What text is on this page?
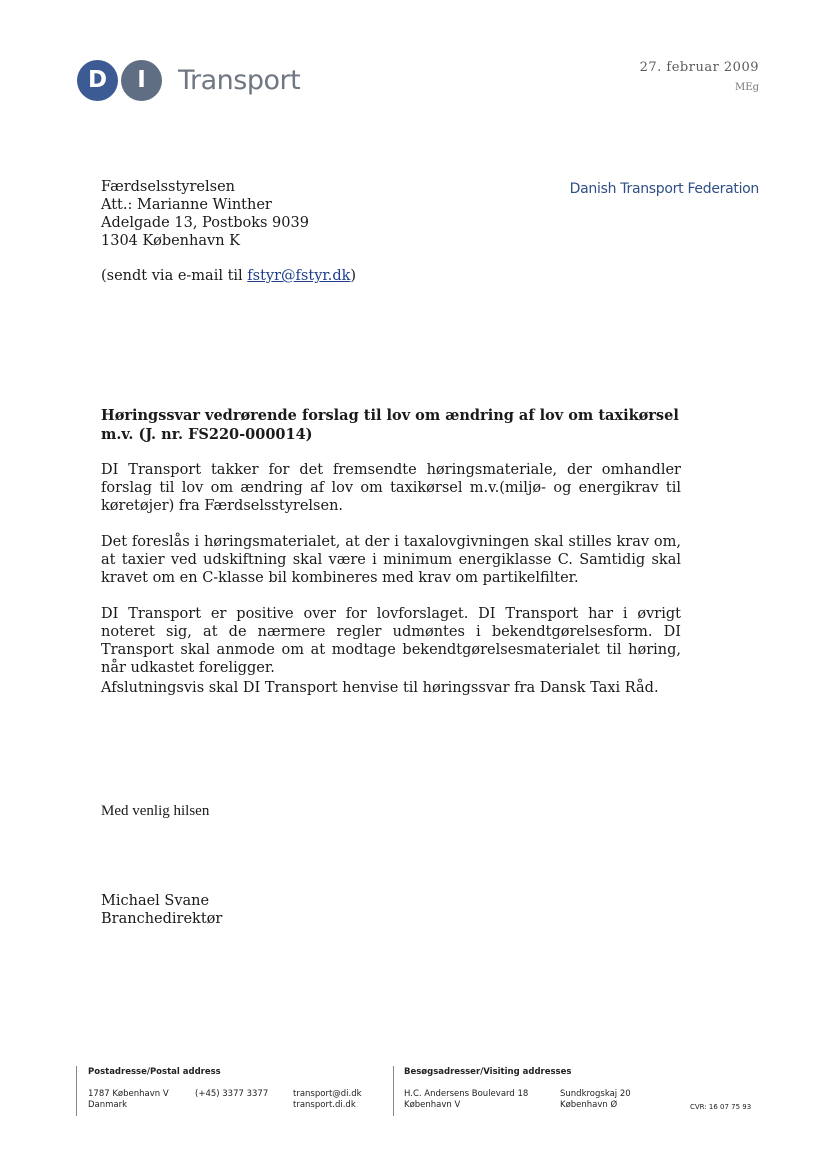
D	I	Transport	27. februar 2009
MEg
Danish Transport Federation
Færdselsstyrelsen
Att.: Marianne Winther
Adelgade 13, Postboks 9039
1304 København K
(sendt via e-mail til fstyr@fstyr.dk)
Høringssvar vedrørende forslag til lov om ændring af lov om taxikørsel m.v. (J. nr. FS220-000014)

DI Transport takker for det fremsendte høringsmateriale, der omhandler forslag til lov om ændring af lov om taxikørsel m.v.(miljø- og energikrav til køretøjer) fra Færdselsstyrelsen.

Det foreslås i høringsmaterialet, at der i taxalovgivningen skal stilles krav om, at taxier ved udskiftning skal være i minimum energiklasse C. Samtidig skal kravet om en C-klasse bil kombineres med krav om partikelfilter.

DI Transport er positive over for lovforslaget. DI Transport har i øvrigt noteret sig, at de nærmere regler udmøntes i bekendtgørelsesform. DI Transport skal anmode om at modtage bekendtgørelsesmaterialet til høring, når udkastet foreligger.

Afslutningsvis skal DI Transport henvise til høringssvar fra Dansk Taxi Råd.

Med venlig hilsen
Michael Svane
Branchedirektør
Postadresse/Postal address
1787 København V
Danmark
(+45) 3377 3377	transport@di.dk
transport.di.dk
Besøgsadresser/Visiting addresses
H.C. Andersens Boulevard 18
København V
Sundkrogskaj 20
København Ø	CVR: 16 07 75 93
